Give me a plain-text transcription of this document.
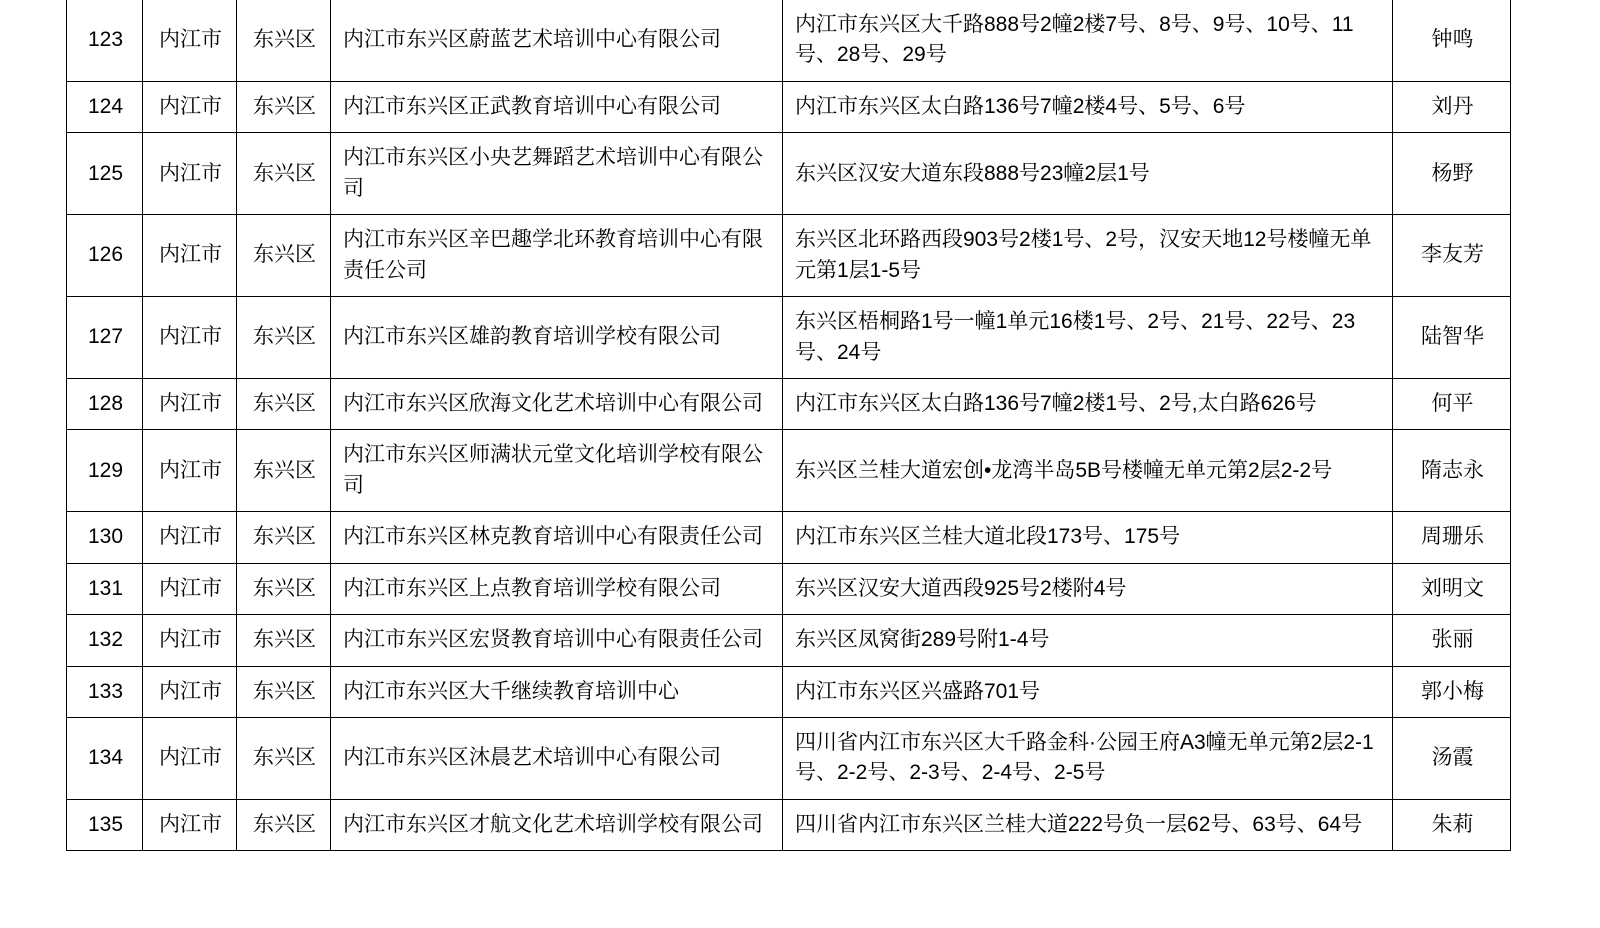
123	内江市	东兴区	内江市东兴区蔚蓝艺术培训中心有限公司	内江市东兴区大千路888号2幢2楼7号、8号、9号、10号、11号、28号、29号	钟鸣
124	内江市	东兴区	内江市东兴区正武教育培训中心有限公司	内江市东兴区太白路136号7幢2楼4号、5号、6号	刘丹
125	内江市	东兴区	内江市东兴区小央艺舞蹈艺术培训中心有限公司	东兴区汉安大道东段888号23幢2层1号	杨野
126	内江市	东兴区	内江市东兴区辛巴趣学北环教育培训中心有限责任公司	东兴区北环路西段903号2楼1号、2号，汉安天地12号楼幢无单元第1层1-5号	李友芳
127	内江市	东兴区	内江市东兴区雄韵教育培训学校有限公司	东兴区梧桐路1号一幢1单元16楼1号、2号、21号、22号、23号、24号	陆智华
128	内江市	东兴区	内江市东兴区欣海文化艺术培训中心有限公司	内江市东兴区太白路136号7幢2楼1号、2号,太白路626号	何平
129	内江市	东兴区	内江市东兴区师满状元堂文化培训学校有限公司	东兴区兰桂大道宏创•龙湾半岛5B号楼幢无单元第2层2-2号	隋志永
130	内江市	东兴区	内江市东兴区林克教育培训中心有限责任公司	内江市东兴区兰桂大道北段173号、175号	周珊乐
131	内江市	东兴区	内江市东兴区上点教育培训学校有限公司	东兴区汉安大道西段925号2楼附4号	刘明文
132	内江市	东兴区	内江市东兴区宏贤教育培训中心有限责任公司	东兴区凤窝街289号附1-4号	张丽
133	内江市	东兴区	内江市东兴区大千继续教育培训中心	内江市东兴区兴盛路701号	郭小梅
134	内江市	东兴区	内江市东兴区沐晨艺术培训中心有限公司	四川省内江市东兴区大千路金科·公园王府A3幢无单元第2层2-1号、2-2号、2-3号、2-4号、2-5号	汤霞
135	内江市	东兴区	内江市东兴区才航文化艺术培训学校有限公司	四川省内江市东兴区兰桂大道222号负一层62号、63号、64号	朱莉
